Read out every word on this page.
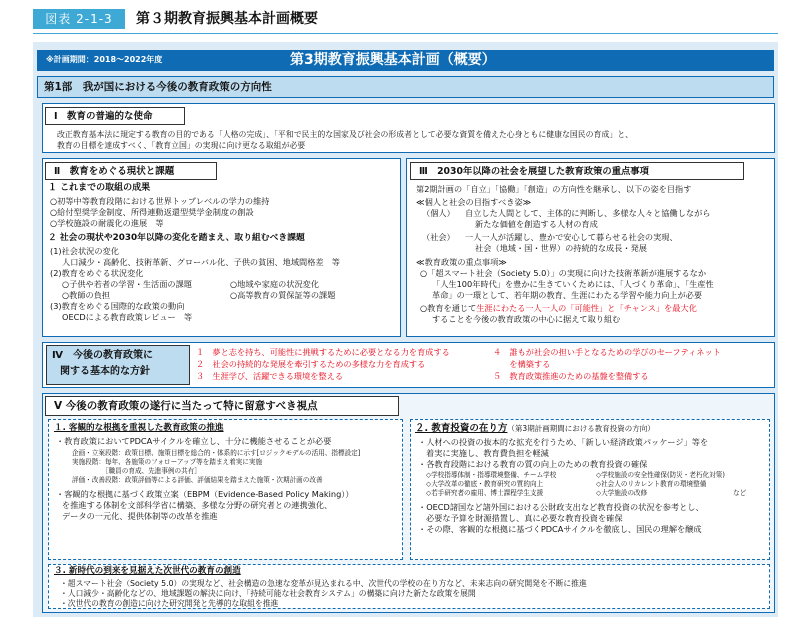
図表 2-1-3	第３期教育振興基本計画概要
※計画期間：2018～2022年度	第3期教育振興基本計画（概要）
第1部　我が国における今後の教育政策の方向性
Ⅰ　教育の普遍的な使命
改正教育基本法に規定する教育の目的である「人格の完成」、「平和で民主的な国家及び社会の形成者として必要な資質を備えた心身ともに健康な国民の育成」と、
教育の目標を達成すべく、「教育立国」の実現に向け更なる取組が必要
Ⅱ　教育をめぐる現状と課題
１ これまでの取組の成果
○初等中等教育段階における世界トップレベルの学力の維持
○給付型奨学金制度、所得連動返還型奨学金制度の創設
○学校施設の耐震化の進展　等
２ 社会の現状や2030年以降の変化を踏まえ、取り組むべき課題
(1)社会状況の変化
人口減少・高齢化、技術革新、グローバル化、子供の貧困、地域間格差　等
(2)教育をめぐる状況変化
○子供や若者の学習・生活面の課題	○地域や家庭の状況変化
○教師の負担	○高等教育の質保証等の課題
(3)教育をめぐる国際的な政策の動向
OECDによる教育政策レビュー　等
Ⅲ　2030年以降の社会を展望した教育政策の重点事項
第2期計画の「自立」「協働」「創造」の方向性を継承し、以下の姿を目指す
≪個人と社会の目指すべき姿≫
（個人） 自立した人間として、主体的に判断し、多様な人々と協働しながら
新たな価値を創造する人材の育成
（社会） 一人一人が活躍し、豊かで安心して暮らせる社会の実現、
社会（地域・国・世界）の持続的な成長・発展
≪教育政策の重点事項≫
○「超スマート社会（Society 5.0）」の実現に向けた技術革新が進展するなか
「人生100年時代」を豊かに生きていくためには、「人づくり革命」、「生産性
革命」の一環として、若年期の教育、生涯にわたる学習や能力向上が必要
○教育を通じて生涯にわたる一人一人の「可能性」と「チャンス」を最大化
することを今後の教育政策の中心に据えて取り組む
Ⅳ　今後の教育政策に
関する基本的な方針
１　夢と志を持ち、可能性に挑戦するために必要となる力を育成する
２　社会の持続的な発展を牽引するための多様な力を育成する
３　生涯学び、活躍できる環境を整える
４　誰もが社会の担い手となるための学びのセーフティネット
　　を構築する
５　教育政策推進のための基盤を整備する
Ⅴ 今後の教育政策の遂行に当たって特に留意すべき視点
１. 客観的な根拠を重視した教育政策の推進
・教育政策においてPDCAサイクルを確立し、十分に機能させることが必要
企画・立案段階：政策目標、施策目標を総合的・体系的に示す[ロジックモデルの活用、指標設定]
実施段階：毎年、各施策のフォローアップ等を踏まえ着実に実施
［職員の育成、先進事例の共有］
評価・改善段階：政策評価等による評価、評価結果を踏まえた施策・次期計画の改善
・客観的な根拠に基づく政策立案（EBPM（Evidence-Based Policy Making））
を推進する体制を文部科学省に構築、多様な分野の研究者との連携強化、
データの一元化、提供体制等の改革を推進
２. 教育投資の在り方（第3期計画期間における教育投資の方向）
・人材への投資の抜本的な拡充を行うため、「新しい経済政策パッケージ」等を
着実に実施し、教育費負担を軽減
・各教育段階における教育の質の向上のための教育投資の確保
◇学校指導体制・指導環境整備、チーム学校	◇学校施設の安全性確保(防災・老朽化対策)
◇大学改革の徹底・教育研究の質的向上	◇社会人のリカレント教育の環境整備
◇若手研究者の雇用、博士課程学生支援	◇大学施設の改修	など
・OECD諸国など諸外国における公財政支出など教育投資の状況を参考とし、
必要な予算を財源措置し、真に必要な教育投資を確保
・その際、客観的な根拠に基づくPDCAサイクルを徹底し、国民の理解を醸成
３. 新時代の到来を見据えた次世代の教育の創造
・超スマート社会（Society 5.0）の実現など、社会構造の急速な変革が見込まれる中、次世代の学校の在り方など、未来志向の研究開発を不断に推進
・人口減少・高齢化などの、地域課題の解決に向け、「持続可能な社会教育システム」の構築に向けた新たな政策を展開
・次世代の教育の創造に向けた研究開発と先導的な取組を推進
